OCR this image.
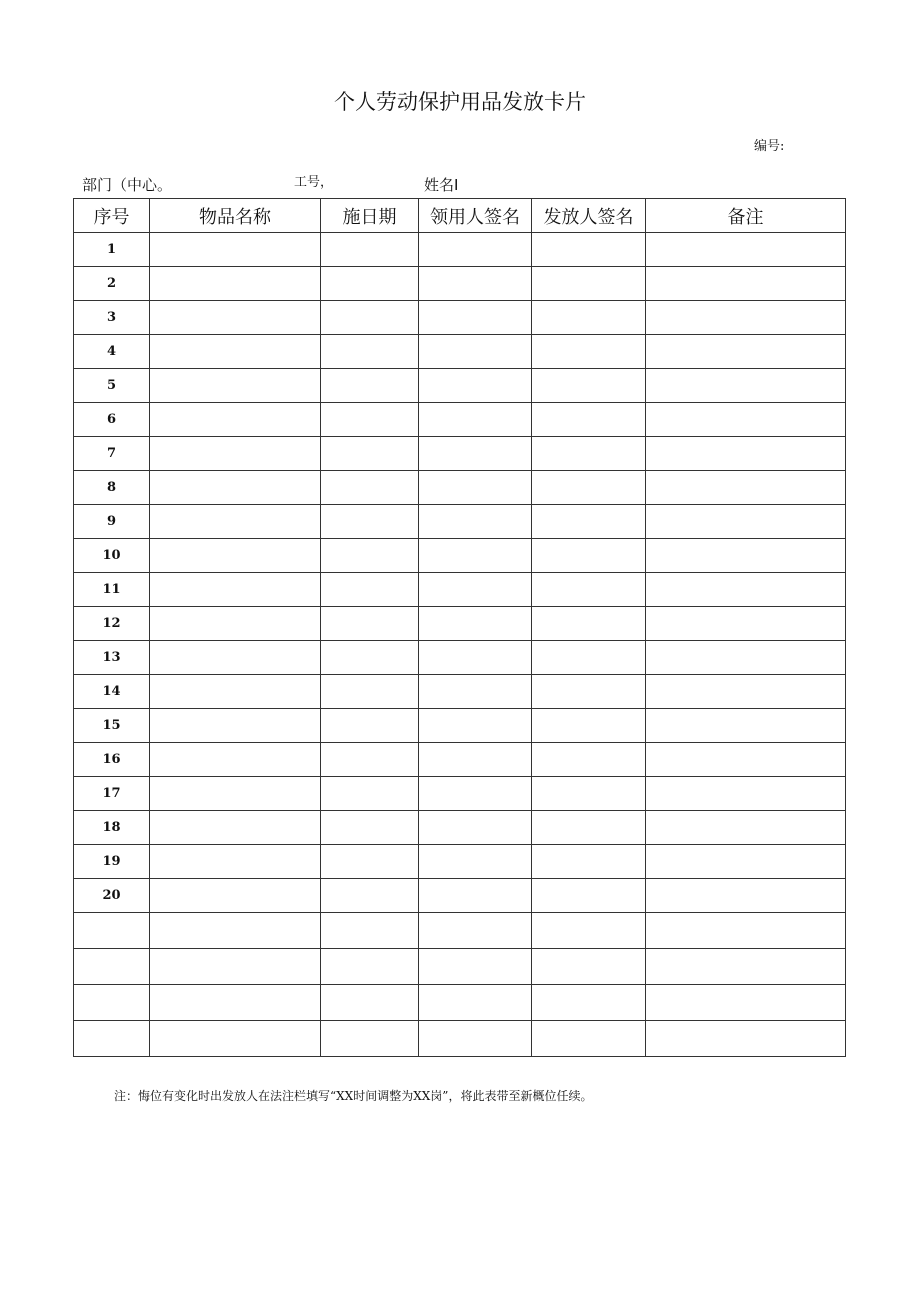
个人劳动保护用品发放卡片
编号:
部门（中心。	工号，	姓名I
序号	物品名称	施日期	领用人签名	发放人签名	备注
1					
2					
3					
4					
5					
6					
7					
8					
9					
10					
11					
12					
13					
14					
15					
16					
17					
18					
19					
20					

注：悔位有变化时出发放人在法注栏填写“XX时间调整为XX岗”，将此表带至新概位任续。
